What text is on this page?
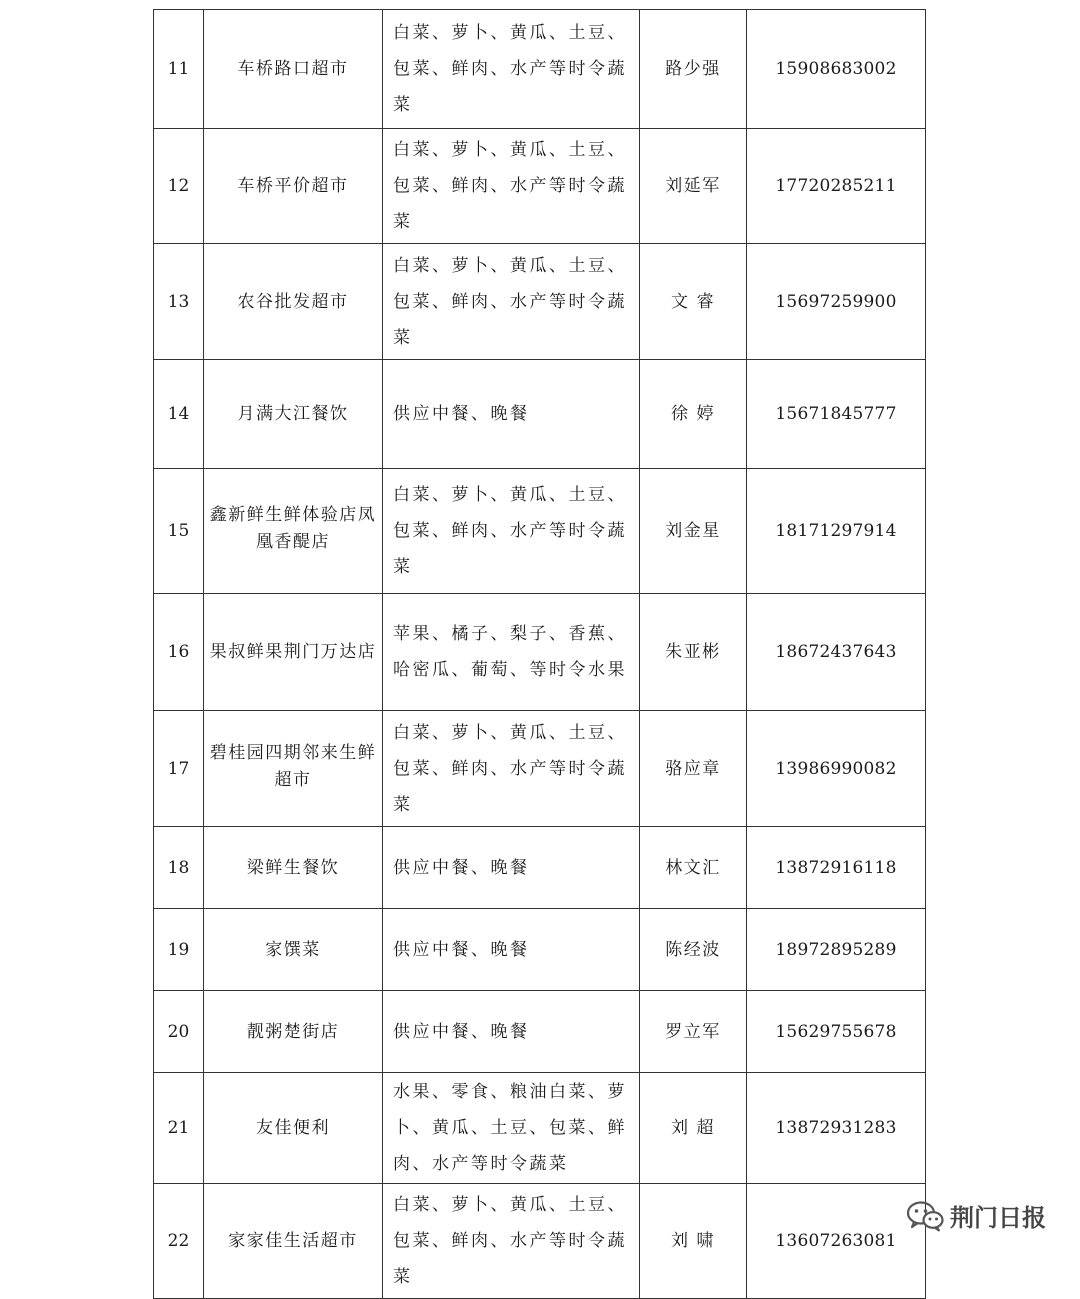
11	车桥路口超市	白菜、萝卜、黄瓜、土豆、
包菜、鲜肉、水产等时令蔬
菜	路少强	15908683002
12	车桥平价超市	白菜、萝卜、黄瓜、土豆、
包菜、鲜肉、水产等时令蔬
菜	刘延军	17720285211
13	农谷批发超市	白菜、萝卜、黄瓜、土豆、
包菜、鲜肉、水产等时令蔬
菜	文 睿	15697259900
14	月满大江餐饮	供应中餐、晚餐	徐 婷	15671845777
15	鑫新鲜生鲜体验店凤凰香醍店	白菜、萝卜、黄瓜、土豆、
包菜、鲜肉、水产等时令蔬
菜	刘金星	18171297914
16	果叔鲜果荆门万达店	苹果、橘子、梨子、香蕉、
哈密瓜、葡萄、等时令水果	朱亚彬	18672437643
17	碧桂园四期邻来生鲜超市	白菜、萝卜、黄瓜、土豆、
包菜、鲜肉、水产等时令蔬
菜	骆应章	13986990082
18	梁鲜生餐饮	供应中餐、晚餐	林文汇	13872916118
19	家馔菜	供应中餐、晚餐	陈经波	18972895289
20	靓粥楚街店	供应中餐、晚餐	罗立军	15629755678
21	友佳便利	水果、零食、粮油白菜、萝
卜、黄瓜、土豆、包菜、鲜
肉、水产等时令蔬菜	刘 超	13872931283
22	家家佳生活超市	白菜、萝卜、黄瓜、土豆、
包菜、鲜肉、水产等时令蔬
菜	刘 啸	13607263081
荆门日报
